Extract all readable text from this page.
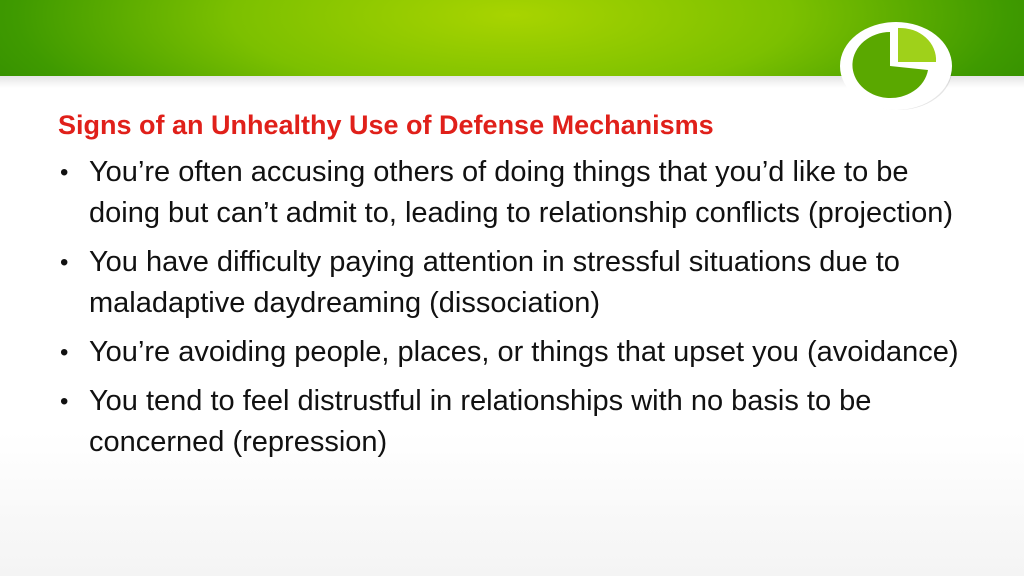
Signs of an Unhealthy Use of Defense Mechanisms
• You’re often accusing others of doing things that you’d like to be doing but can’t admit to, leading to relationship conflicts (projection)
• You have difficulty paying attention in stressful situations due to maladaptive daydreaming (dissociation)
• You’re avoiding people, places, or things that upset you (avoidance)
• You tend to feel distrustful in relationships with no basis to be concerned (repression)
